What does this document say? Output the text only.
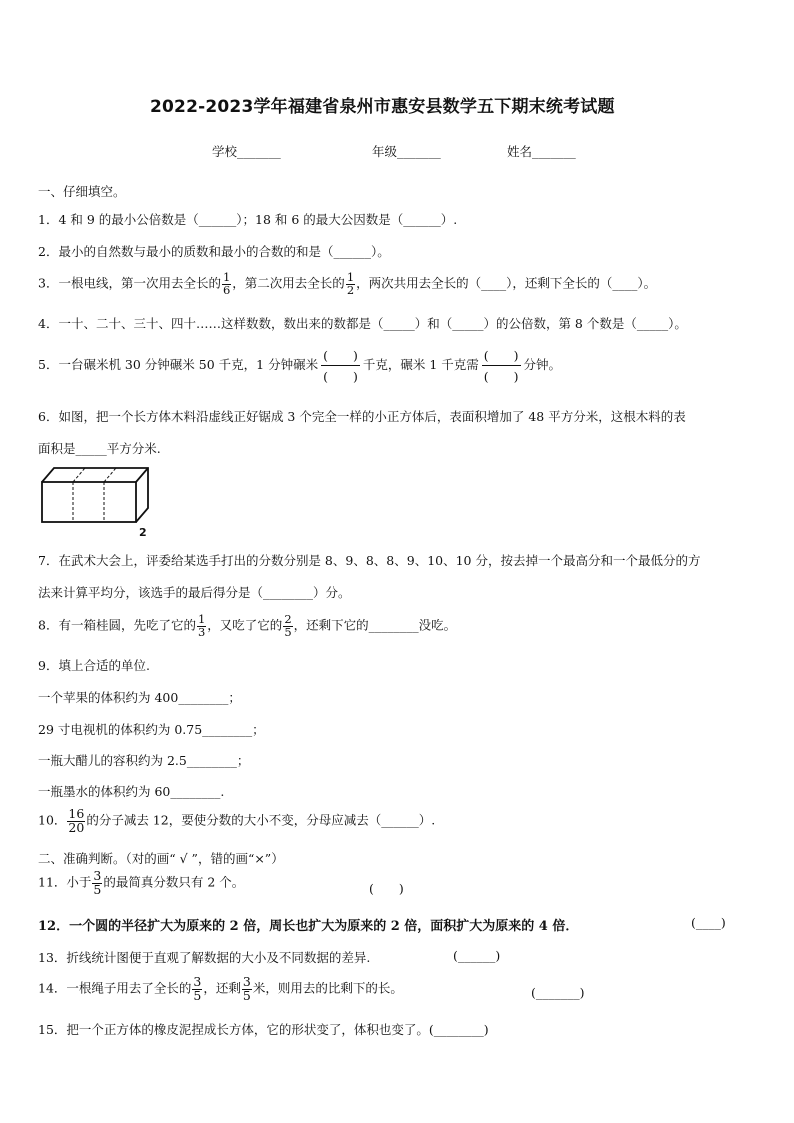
2022-2023学年福建省泉州市惠安县数学五下期末统考试题
学校_______	年级_______	姓名_______
一、仔细填空。
1．4 和 9 的最小公倍数是（______）；18 和 6 的最大公因数是（______）.
2．最小的自然数与最小的质数和最小的合数的和是（______）。
3．一根电线，第一次用去全长的 $\frac{1}{6}$ ，第二次用去全长的 $\frac{1}{2}$ ，两次共用去全长的（____），还剩下全长的（____）。
4．一十、二十、三十、四十……这样数数，数出来的数都是（_____）和（_____）的公倍数，第 8 个数是（_____）。
5．一台碾米机 30 分钟碾米 50 千克，1 分钟碾米 $\frac{( )}{( )}$ 千克，碾米 1 千克需 $\frac{( )}{( )}$ 分钟。
6．如图，把一个长方体木料沿虚线正好锯成 3 个完全一样的小正方体后，表面积增加了 48 平方分米，这根木料的表
面积是_____平方分米.
2
7．在武术大会上，评委给某选手打出的分数分别是 8、9、8、8、9、10、10 分，按去掉一个最高分和一个最低分的方
法来计算平均分，该选手的最后得分是（________）分。
8．有一箱桂圆，先吃了它的 $\frac{1}{3}$ ，又吃了它的 $\frac{2}{5}$ ，还剩下它的________没吃。
9．填上合适的单位.
一个苹果的体积约为 400________；
29 寸电视机的体积约为 0.75________；
一瓶大醋儿的容积约为 2.5________；
一瓶墨水的体积约为 60________.
10． $\frac{16}{20}$ 的分子减去 12，要使分数的大小不变，分母应减去（______）.
二、准确判断。（对的画“ √ ”，错的画“×”）
11．小于 $\frac{3}{5}$ 的最简真分数只有 2 个。	(　　)
12．一个圆的半径扩大为原来的 2 倍，周长也扩大为原来的 2 倍，面积扩大为原来的 4 倍．	(____)
13．折线统计图便于直观了解数据的大小及不同数据的差异.	(______)
14．一根绳子用去了全长的 $\frac{3}{5}$ ，还剩 $\frac{3}{5}$ 米，则用去的比剩下的长。	(_______)
15．把一个正方体的橡皮泥捏成长方体，它的形状变了，体积也变了。(________)
